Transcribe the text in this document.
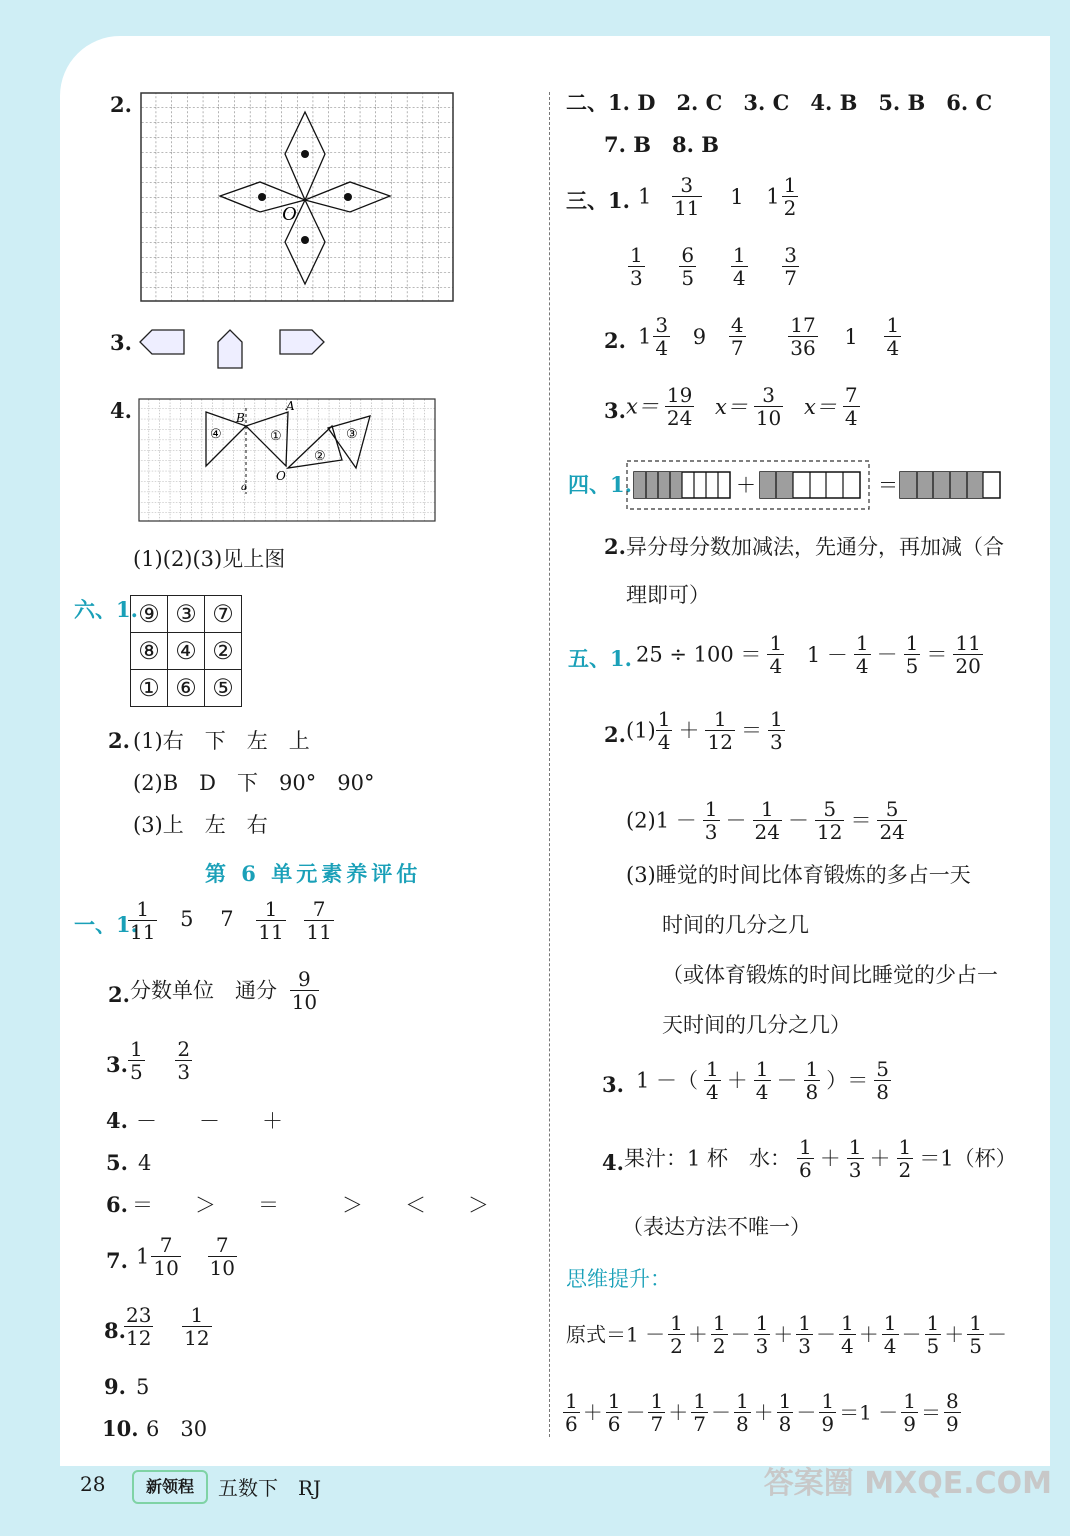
2.
O
3.
4.	B
A
O
a
④	①
②
③
(1)(2)(3)见上图
六、1. ⑨	③	⑦
⑧	④	②
①	⑥	⑤
2. (1)右　下　左　上
(2)B　D　下　90°　90°
(3)上　左　右
第 6 单元素养评估
一、1.
$\frac{1}{11} 5$ $7 \frac{1}{11}$
$\frac{7}{11}$
2. 分数单位　通分 $\frac{9}{10}$
3. $\frac{1}{5}$
$\frac{2}{3}$
4. －　　－　　＋
5. 4
6. ＝　　＞　　＝　　　＞　　＜　　＞
7. $1 \frac{7}{10}$
$\frac{7}{10}$
8.
$\frac{23}{12}$
$\frac{1}{12}$
9. 5
10. 6　30
二、1. D　2. C　3. C　4. B　5. B　6. C
7. B　8. B
三、1. $1 \frac{3}{11} 1$ $1 \frac{1}{2}$
$\frac{1}{3}$
$\frac{6}{5}$
$\frac{1}{4}$
$\frac{3}{7}$
2. $1 \frac{3}{4} 9 \frac{4}{7}$
$\frac{17}{36} 1 \frac{1}{4}$
3. $x= \frac{19}{24} x= \frac{3}{10} x= \frac{7}{4}$
四、1.	＋	＝
2. 异分母分数加减法，先通分，再加减（合
理即可）
五、1. $25 \div 100 = \frac{1}{4} 1 - \frac{1}{4} - \frac{1}{5} = \frac{11}{20}$
2. $(1) \frac{1}{4} + \frac{1}{12} = \frac{1}{3}$
$(2)1 - \frac{1}{3} - \frac{1}{24} - \frac{5}{12} = \frac{5}{24}$
(3)睡觉的时间比体育锻炼的多占一天
时间的几分之几
（或体育锻炼的时间比睡觉的少占一
天时间的几分之几）
3. 1 －（ $\frac{1}{4} + \frac{1}{4} - \frac{1}{8}$ ）＝ $\frac{5}{8}$
4. 果汁：1 杯　水： $\frac{1}{6} + \frac{1}{3} + \frac{1}{2} =1$（杯）
（表达方法不唯一）
思维提升：
原式$=1 - \frac{1}{2} + \frac{1}{2} - \frac{1}{3} + \frac{1}{3} - \frac{1}{4} + \frac{1}{4} - \frac{1}{5} + \frac{1}{5}$ －
$\frac{1}{6} + \frac{1}{6} - \frac{1}{7} + \frac{1}{7} - \frac{1}{8} + \frac{1}{8} - \frac{1}{9} =1 - \frac{1}{9} = \frac{8}{9}$
28	新领程	五数下　RJ	答案圈 MXQE.COM
